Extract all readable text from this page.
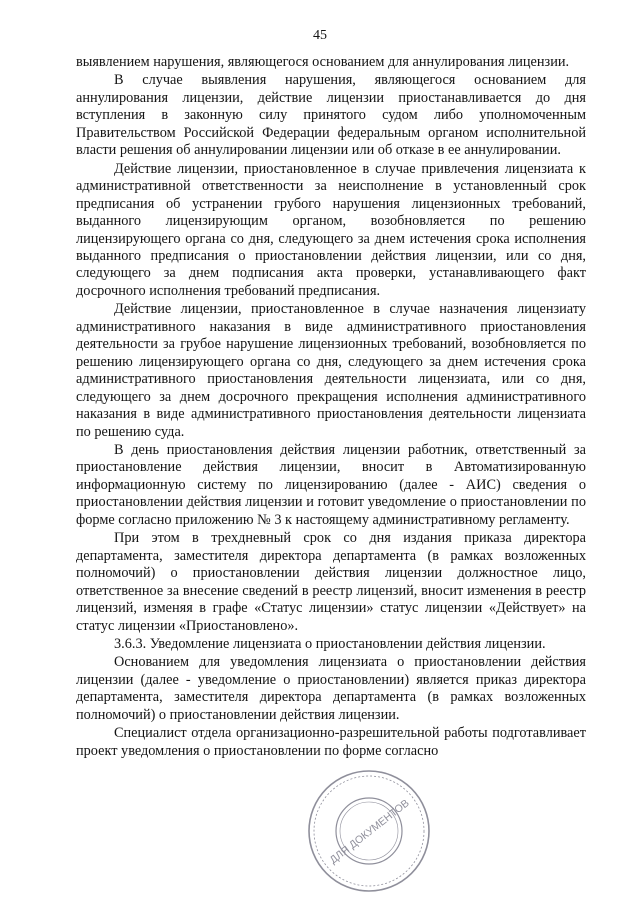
45

выявлением нарушения, являющегося основанием для аннулирования лицензии.

В случае выявления нарушения, являющегося основанием для аннулирования лицензии, действие лицензии приостанавливается до дня вступления в законную силу принятого судом либо уполномоченным Правительством Российской Федерации федеральным органом исполнительной власти решения об аннулировании лицензии или об отказе в ее аннулировании.

Действие лицензии, приостановленное в случае привлечения лицензиата к административной ответственности за неисполнение в установленный срок предписания об устранении грубого нарушения лицензионных требований, выданного лицензирующим органом, возобновляется по решению лицензирующего органа со дня, следующего за днем истечения срока исполнения выданного предписания о приостановлении действия лицензии, или со дня, следующего за днем подписания акта проверки, устанавливающего факт досрочного исполнения требований предписания.

Действие лицензии, приостановленное в случае назначения лицензиату административного наказания в виде административного приостановления деятельности за грубое нарушение лицензионных требований, возобновляется по решению лицензирующего органа со дня, следующего за днем истечения срока административного приостановления деятельности лицензиата, или со дня, следующего за днем досрочного прекращения исполнения административного наказания в виде административного приостановления деятельности лицензиата по решению суда.

В день приостановления действия лицензии работник, ответственный за приостановление действия лицензии, вносит в Автоматизированную информационную систему по лицензированию (далее - АИС) сведения о приостановлении действия лицензии и готовит уведомление о приостановлении по форме согласно приложению № 3 к настоящему административному регламенту.

При этом в трехдневный срок со дня издания приказа директора департамента, заместителя директора департамента (в рамках возложенных полномочий) о приостановлении действия лицензии должностное лицо, ответственное за внесение сведений в реестр лицензий, вносит изменения в реестр лицензий, изменяя в графе «Статус лицензии» статус лицензии «Действует» на статус лицензии «Приостановлено».

3.6.3. Уведомление лицензиата о приостановлении действия лицензии.

Основанием для уведомления лицензиата о приостановлении действия лицензии (далее - уведомление о приостановлении) является приказ директора департамента, заместителя директора департамента (в рамках возложенных полномочий) о приостановлении действия лицензии.

Специалист отдела организационно-разрешительной работы подготавливает проект уведомления о приостановлении по форме согласно

ДЛЯ ДОКУМЕНТОВ
